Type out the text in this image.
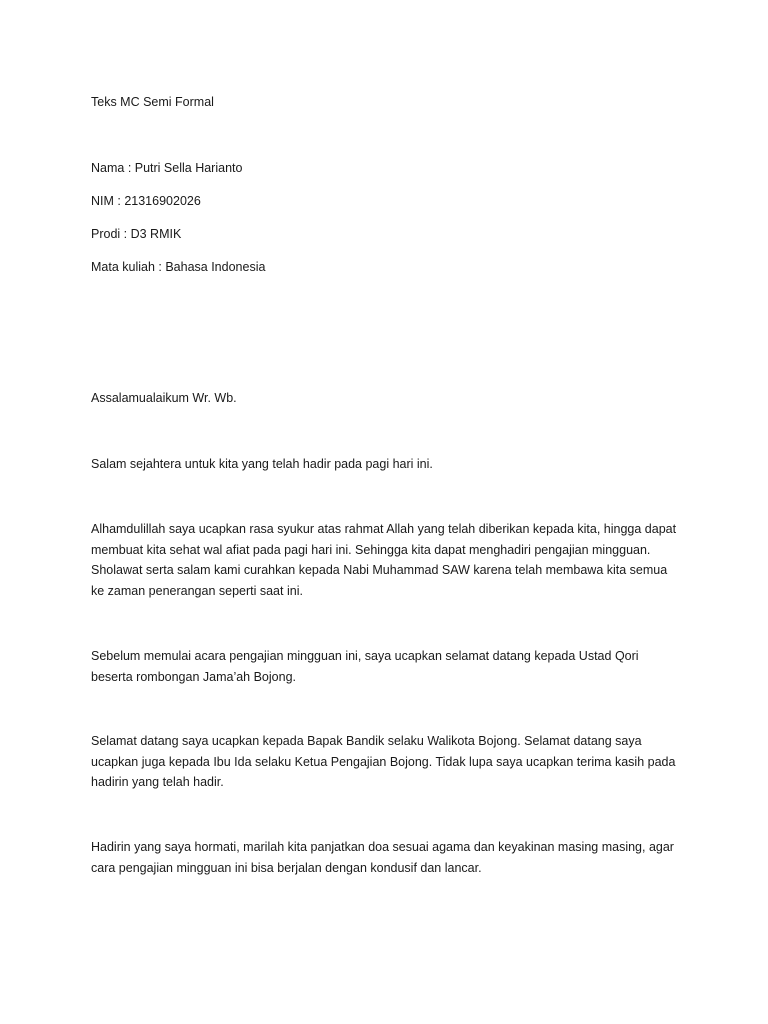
Teks MC Semi Formal

Nama : Putri Sella Harianto

NIM : 21316902026

Prodi : D3 RMIK

Mata kuliah : Bahasa Indonesia

Assalamualaikum Wr. Wb.

Salam sejahtera untuk kita yang telah hadir pada pagi hari ini.

Alhamdulillah saya ucapkan rasa syukur atas rahmat Allah yang telah diberikan kepada kita, hingga dapat membuat kita sehat wal afiat pada pagi hari ini. Sehingga kita dapat menghadiri pengajian mingguan. Sholawat serta salam kami curahkan kepada Nabi Muhammad SAW karena telah membawa kita semua ke zaman penerangan seperti saat ini.

Sebelum memulai acara pengajian mingguan ini, saya ucapkan selamat datang kepada Ustad Qori beserta rombongan Jama’ah Bojong.

Selamat datang saya ucapkan kepada Bapak Bandik selaku Walikota Bojong. Selamat datang saya ucapkan juga kepada Ibu Ida selaku Ketua Pengajian Bojong. Tidak lupa saya ucapkan terima kasih pada hadirin yang telah hadir.

Hadirin yang saya hormati, marilah kita panjatkan doa sesuai agama dan keyakinan masing masing, agar cara pengajian mingguan ini bisa berjalan dengan kondusif dan lancar.
